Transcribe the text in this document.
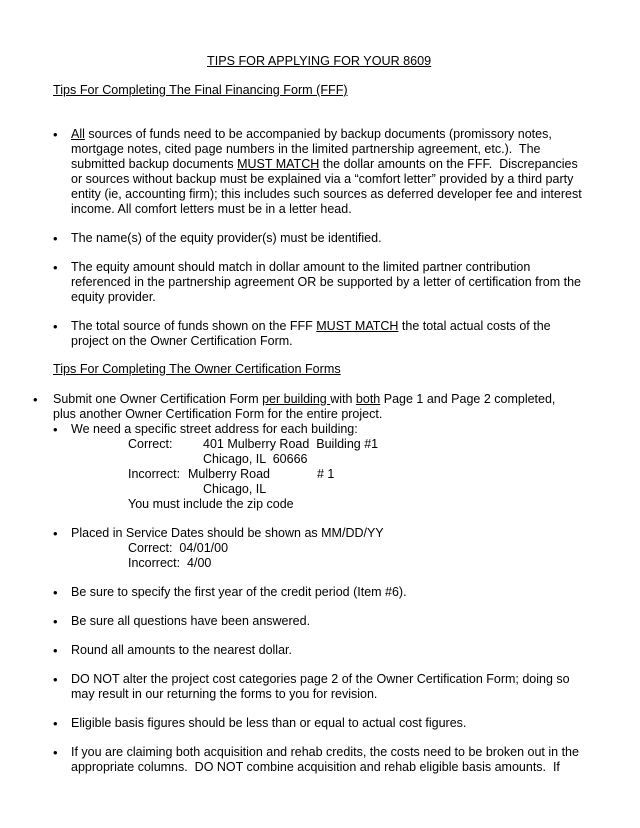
TIPS FOR APPLYING FOR YOUR 8609
Tips For Completing The Final Financing Form (FFF)
• All sources of funds need to be accompanied by backup documents (promissory notes,
mortgage notes, cited page numbers in the limited partnership agreement, etc.).  The
submitted backup documents MUST MATCH the dollar amounts on the FFF.  Discrepancies
or sources without backup must be explained via a “comfort letter” provided by a third party
entity (ie, accounting firm); this includes such sources as deferred developer fee and interest
income. All comfort letters must be in a letter head.
• The name(s) of the equity provider(s) must be identified.
• The equity amount should match in dollar amount to the limited partner contribution
referenced in the partnership agreement OR be supported by a letter of certification from the
equity provider.
• The total source of funds shown on the FFF MUST MATCH the total actual costs of the
project on the Owner Certification Form.
Tips For Completing The Owner Certification Forms
• Submit one Owner Certification Form per building with both Page 1 and Page 2 completed,
plus another Owner Certification Form for the entire project.
• We need a specific street address for each building:
Correct: 401 Mulberry Road  Building #1
Chicago, IL  60666
Incorrect: Mulberry Road	# 1
Chicago, IL
You must include the zip code
• Placed in Service Dates should be shown as MM/DD/YY
Correct:  04/01/00
Incorrect:  4/00
• Be sure to specify the first year of the credit period (Item #6).
• Be sure all questions have been answered.
• Round all amounts to the nearest dollar.
• DO NOT alter the project cost categories page 2 of the Owner Certification Form; doing so
may result in our returning the forms to you for revision.
• Eligible basis figures should be less than or equal to actual cost figures.
• If you are claiming both acquisition and rehab credits, the costs need to be broken out in the
appropriate columns.  DO NOT combine acquisition and rehab eligible basis amounts.  If
